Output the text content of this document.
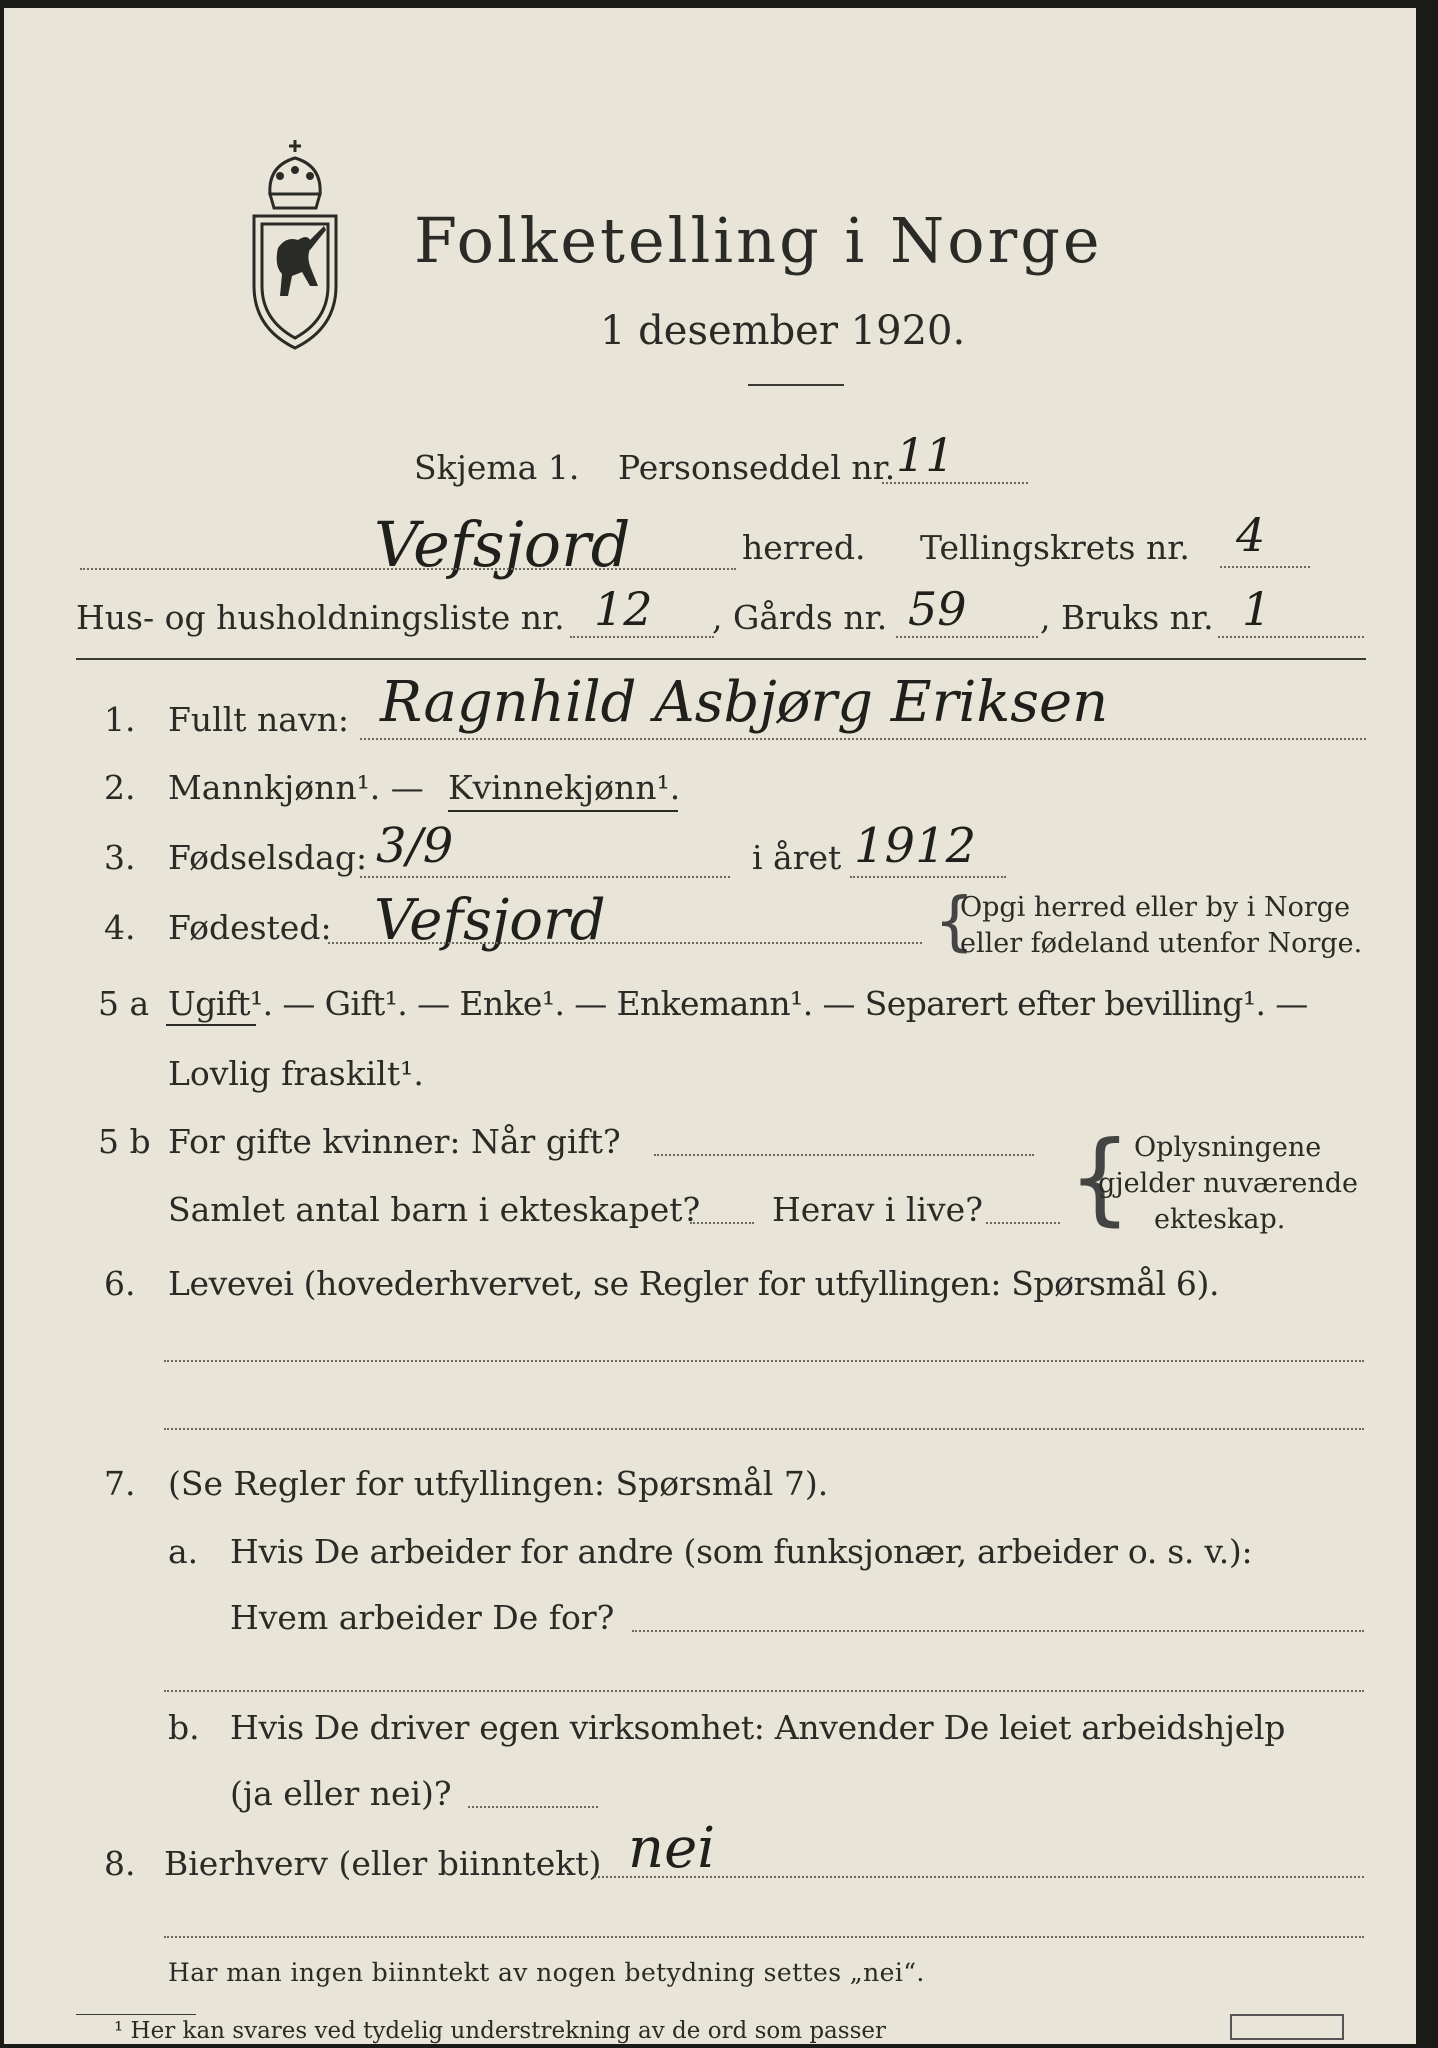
Folketelling i Norge
1 desember 1920.
Skjema 1. Personseddel nr. 11
Vefsjord	herred. Tellingskrets nr. 4
Hus- og husholdningsliste nr. 12 , Gårds nr. 59 , Bruks nr. 1
1. Fullt navn: Ragnhild Asbjørg Eriksen
2. Mannkjønn¹. — Kvinnekjønn¹.
3. Fødselsdag: 3/9	i året 1912
4. Fødested: Vefsjord	{
Opgi herred eller by i Norge
eller fødeland utenfor Norge.
5 a Ugift¹. — Gift¹. — Enke¹. — Enkemann¹. — Separert efter bevilling¹. —
Lovlig fraskilt¹.
5 b For gifte kvinner: Når gift?
Samlet antal barn i ekteskapet? Herav i live? { Oplysningene
gjelder nuværende
ekteskap.
6. Levevei (hovederhvervet, se Regler for utfyllingen: Spørsmål 6).
7. (Se Regler for utfyllingen: Spørsmål 7).
a. Hvis De arbeider for andre (som funksjonær, arbeider o. s. v.):
Hvem arbeider De for?
b. Hvis De driver egen virksomhet: Anvender De leiet arbeidshjelp
(ja eller nei)?
8. Bierhverv (eller biinntekt) nei
Har man ingen biinntekt av nogen betydning settes „nei“.
¹ Her kan svares ved tydelig understrekning av de ord som passer
